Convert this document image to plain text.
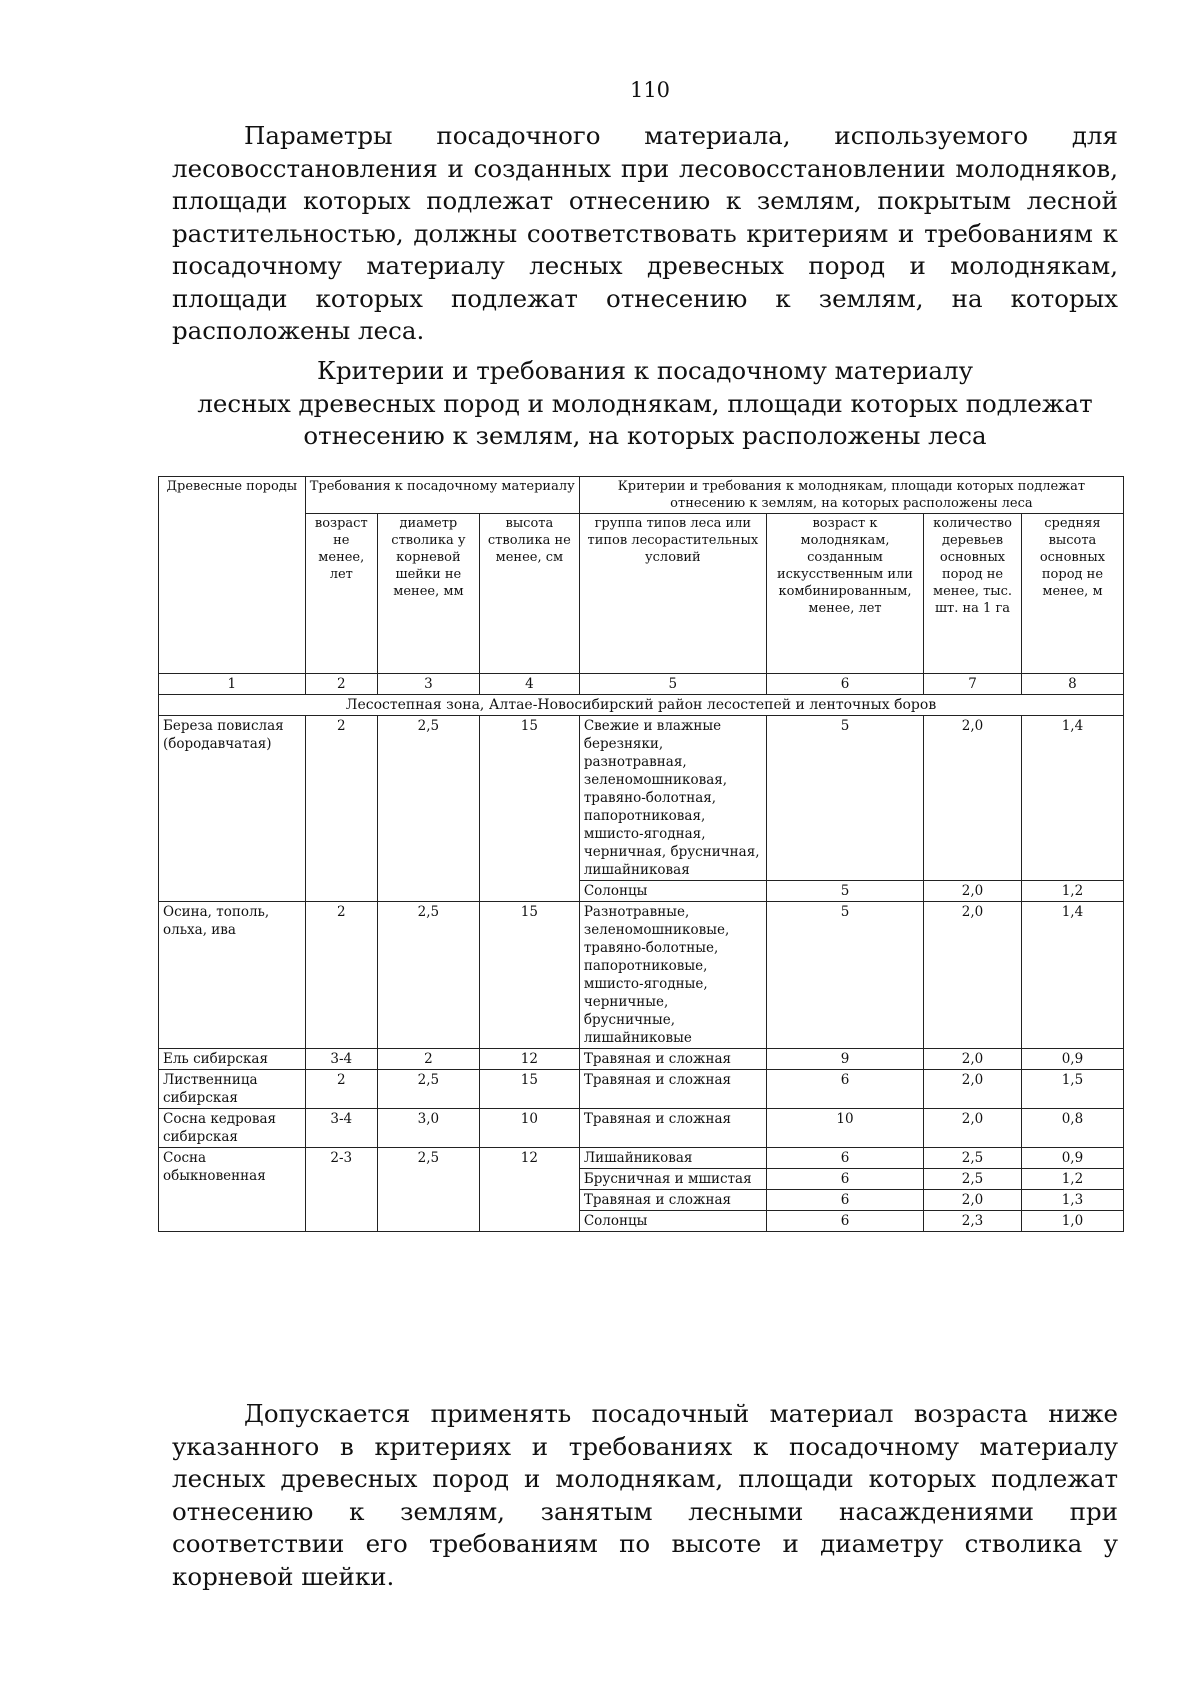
110

Параметры посадочного материала, используемого для лесовосстановления и созданных при лесовосстановлении молодняков, площади которых подлежат отнесению к землям, покрытым лесной растительностью, должны соответствовать критериям и требованиям к посадочному материалу лесных древесных пород и молоднякам, площади которых подлежат отнесению к землям, на которых расположены леса.

Критерии и требования к посадочному материалу
лесных древесных пород и молоднякам, площади которых подлежат
отнесению к землям, на которых расположены леса
Древесные породы	Требования к посадочному материалу			Критерии и требования к молоднякам, площади которых подлежат отнесению к землям, на которых расположены леса			
	возраст не менее, лет	диаметр стволика у корневой шейки не менее, мм	высота стволика не менее, см	группа типов леса или типов лесорастительных условий	возраст к молоднякам, созданным искусственным или комбинированным, менее, лет	количество деревьев основных пород не менее, тыс. шт. на 1 га	средняя высота основных пород не менее, м
1	2	3	4	5	6	7	8
Лесостепная зона, Алтае-Новосибирский район лесостепей и ленточных боров							
Береза повислая (бородавчатая)	2	2,5	15	Свежие и влажные березняки, разнотравная, зеленомошниковая, травяно-болотная, папоротниковая, мшисто-ягодная, черничная, брусничная, лишайниковая	5	2,0	1,4
				Солонцы	5	2,0	1,2
Осина, тополь, ольха, ива	2	2,5	15	Разнотравные, зеленомошниковые, травяно-болотные, папоротниковые, мшисто-ягодные, черничные, брусничные, лишайниковые	5	2,0	1,4
Ель сибирская	3-4	2	12	Травяная и сложная	9	2,0	0,9
Лиственница сибирская	2	2,5	15	Травяная и сложная	6	2,0	1,5
Сосна кедровая сибирская	3-4	3,0	10	Травяная и сложная	10	2,0	0,8
Сосна обыкновенная	2-3	2,5	12	Лишайниковая	6	2,5	0,9
				Брусничная и мшистая	6	2,5	1,2
				Травяная и сложная	6	2,0	1,3
				Солонцы	6	2,3	1,0

Допускается применять посадочный материал возраста ниже указанного в критериях и требованиях к посадочному материалу лесных древесных пород и молоднякам, площади которых подлежат отнесению к землям, занятым лесными насаждениями при соответствии его требованиям по высоте и диаметру стволика у корневой шейки.
